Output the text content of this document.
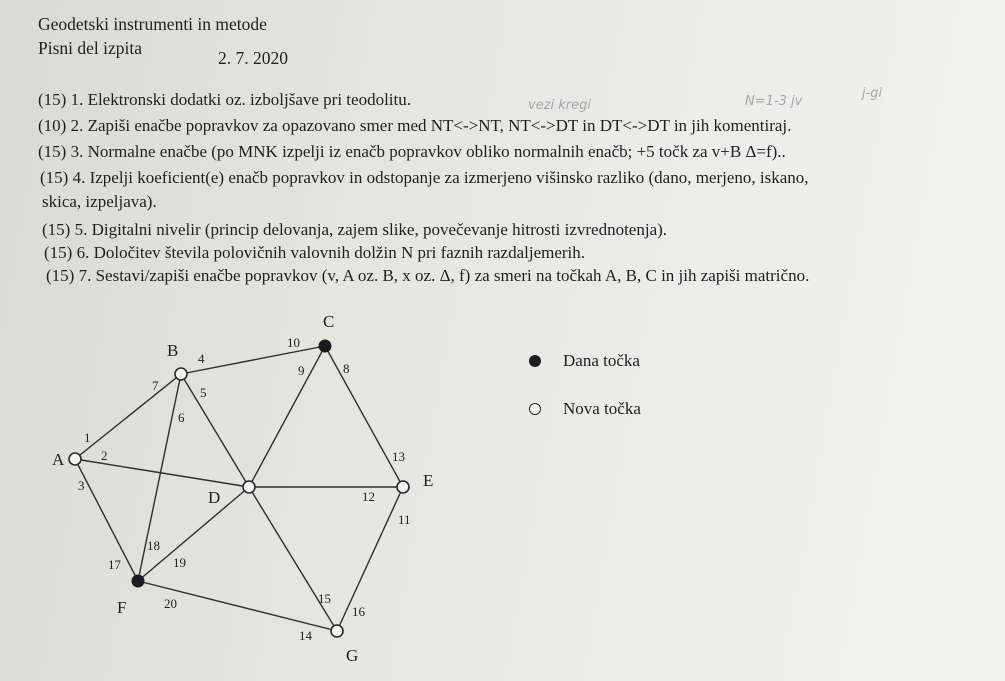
Geodetski instrumenti in metode
Pisni del izpita	2. 7. 2020
(15) 1. Elektronski dodatki oz. izboljšave pri teodolitu.
(10) 2. Zapiši enačbe popravkov za opazovano smer med NT<->NT, NT<->DT in DT<->DT in jih komentiraj.
(15) 3. Normalne enačbe (po MNK izpelji iz enačb popravkov obliko normalnih enačb; +5 točk za v+B Δ=f)..
(15) 4. Izpelji koeficient(e) enačb popravkov in odstopanje za izmerjeno višinsko razliko (dano, merjeno, iskano,
skica, izpeljava).
(15) 5. Digitalni nivelir (princip delovanja, zajem slike, povečevanje hitrosti izvrednotenja).
(15) 6. Določitev števila polovičnih valovnih dolžin N pri faznih razdaljemerih.
(15) 7. Sestavi/zapiši enačbe popravkov (v, A oz. B, x oz. Δ, f) za smeri na točkah A, B, C in jih zapiši matrično.
vezi kregi	N=1-3 jv
j-gi
A
B
C
D
E
F
G
1
2
3
4
5
6
7
8
9
10
11
12
13
14
15
16
17
18
19
20
Dana točka
Nova točka
